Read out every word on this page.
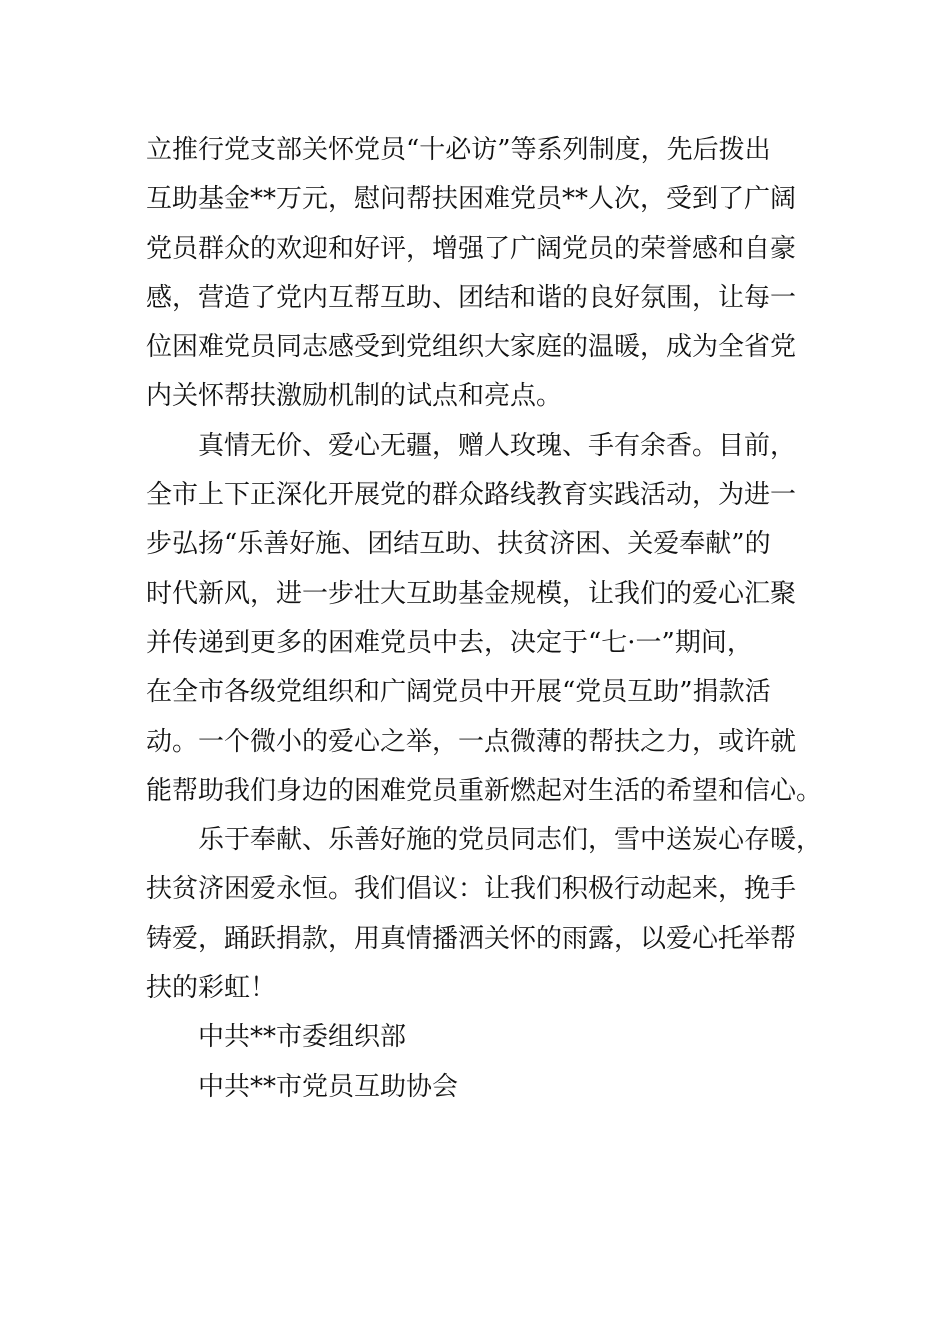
立推行党支部关怀党员“十必访”等系列制度，先后拨出
互助基金**万元，慰问帮扶困难党员**人次，受到了广阔
党员群众的欢迎和好评，增强了广阔党员的荣誉感和自豪
感，营造了党内互帮互助、团结和谐的良好氛围，让每一
位困难党员同志感受到党组织大家庭的温暖，成为全省党
内关怀帮扶激励机制的试点和亮点。
真情无价、爱心无疆，赠人玫瑰、手有余香。目前，
全市上下正深化开展党的群众路线教育实践活动，为进一
步弘扬“乐善好施、团结互助、扶贫济困、关爱奉献”的
时代新风，进一步壮大互助基金规模，让我们的爱心汇聚
并传递到更多的困难党员中去，决定于“七·一”期间，
在全市各级党组织和广阔党员中开展“党员互助”捐款活
动。一个微小的爱心之举，一点微薄的帮扶之力，或许就
能帮助我们身边的困难党员重新燃起对生活的希望和信心。
乐于奉献、乐善好施的党员同志们，雪中送炭心存暖，
扶贫济困爱永恒。我们倡议：让我们积极行动起来，挽手
铸爱，踊跃捐款，用真情播洒关怀的雨露，以爱心托举帮
扶的彩虹！
中共**市委组织部
中共**市党员互助协会
